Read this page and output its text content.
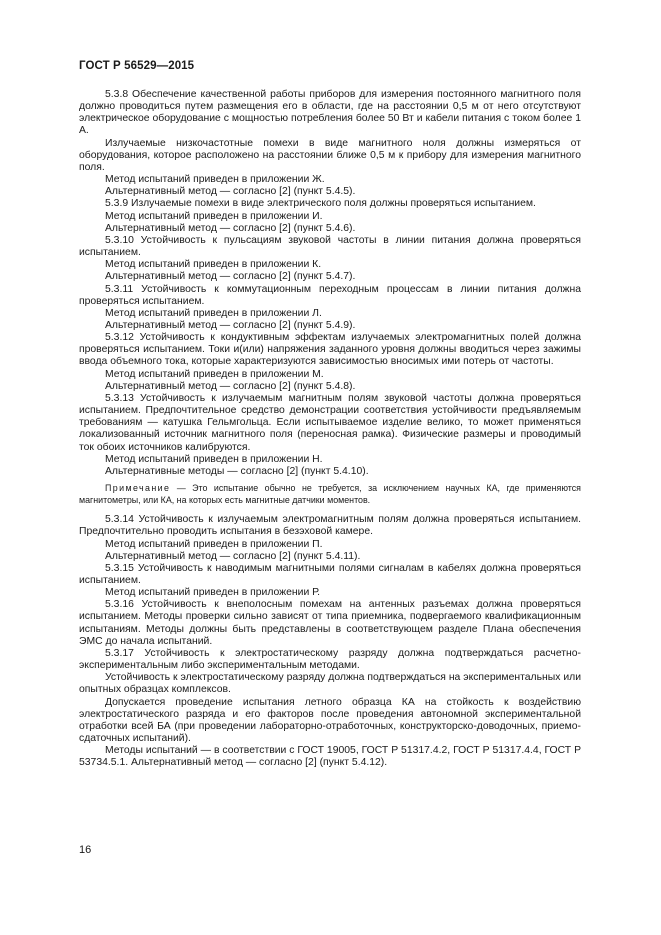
ГОСТ Р 56529—2015

5.3.8 Обеспечение качественной работы приборов для измерения постоянного магнитного поля должно проводиться путем размещения его в области, где на расстоянии 0,5 м от него отсутствуют электрическое оборудование с мощностью потребления более 50 Вт и кабели питания с током более 1 А.

Излучаемые низкочастотные помехи в виде магнитного ноля должны измеряться от оборудования, которое расположено на расстоянии ближе 0,5 м к прибору для измерения магнитного поля.

Метод испытаний приведен в приложении Ж.

Альтернативный метод — согласно [2] (пункт 5.4.5).

5.3.9 Излучаемые помехи в виде электрического поля должны проверяться испытанием.

Метод испытаний приведен в приложении И.

Альтернативный метод — согласно [2] (пункт 5.4.6).

5.3.10 Устойчивость к пульсациям звуковой частоты в линии питания должна проверяться испытанием.

Метод испытаний приведен в приложении К.

Альтернативный метод — согласно [2] (пункт 5.4.7).

5.3.11 Устойчивость к коммутационным переходным процессам в линии питания должна проверяться испытанием.

Метод испытаний приведен в приложении Л.

Альтернативный метод — согласно [2] (пункт 5.4.9).

5.3.12 Устойчивость к кондуктивным эффектам излучаемых электромагнитных полей должна проверяться испытанием. Токи и(или) напряжения заданного уровня должны вводиться через зажимы ввода объемного тока, которые характеризуются зависимостью вносимых ими потерь от частоты.

Метод испытаний приведен в приложении М.

Альтернативный метод — согласно [2] (пункт 5.4.8).

5.3.13 Устойчивость к излучаемым магнитным полям звуковой частоты должна проверяться испытанием. Предпочтительное средство демонстрации соответствия устойчивости предъявляемым требованиям — катушка Гельмгольца. Если испытываемое изделие велико, то может применяться локализованный источник магнитного поля (переносная рамка). Физические размеры и проводимый ток обоих источников калибруются.

Метод испытаний приведен в приложении Н.

Альтернативные методы — согласно [2] (пункт 5.4.10).

Примечание — Это испытание обычно не требуется, за исключением научных КА, где применяются магнитометры, или КА, на которых есть магнитные датчики моментов.

5.3.14 Устойчивость к излучаемым электромагнитным полям должна проверяться испытанием. Предпочтительно проводить испытания в безэховой камере.

Метод испытаний приведен в приложении П.

Альтернативный метод — согласно [2] (пункт 5.4.11).

5.3.15 Устойчивость к наводимым магнитными полями сигналам в кабелях должна проверяться испытанием.

Метод испытаний приведен в приложении Р.

5.3.16 Устойчивость к внеполосным помехам на антенных разъемах должна проверяться испытанием. Методы проверки сильно зависят от типа приемника, подвергаемого квалификационным испытаниям. Методы должны быть представлены в соответствующем разделе Плана обеспечения ЭМС до начала испытаний.

5.3.17 Устойчивость к электростатическому разряду должна подтверждаться расчетно-экспериментальным либо экспериментальным методами.

Устойчивость к электростатическому разряду должна подтверждаться на экспериментальных или опытных образцах комплексов.

Допускается проведение испытания летного образца КА на стойкость к воздействию электростатического разряда и его факторов после проведения автономной экспериментальной отработки всей БА (при проведении лабораторно-отработочных, конструкторско-доводочных, приемо-сдаточных испытаний).

Методы испытаний — в соответствии с ГОСТ 19005, ГОСТ Р 51317.4.2, ГОСТ Р 51317.4.4, ГОСТ Р 53734.5.1. Альтернативный метод — согласно [2] (пункт 5.4.12).

16
